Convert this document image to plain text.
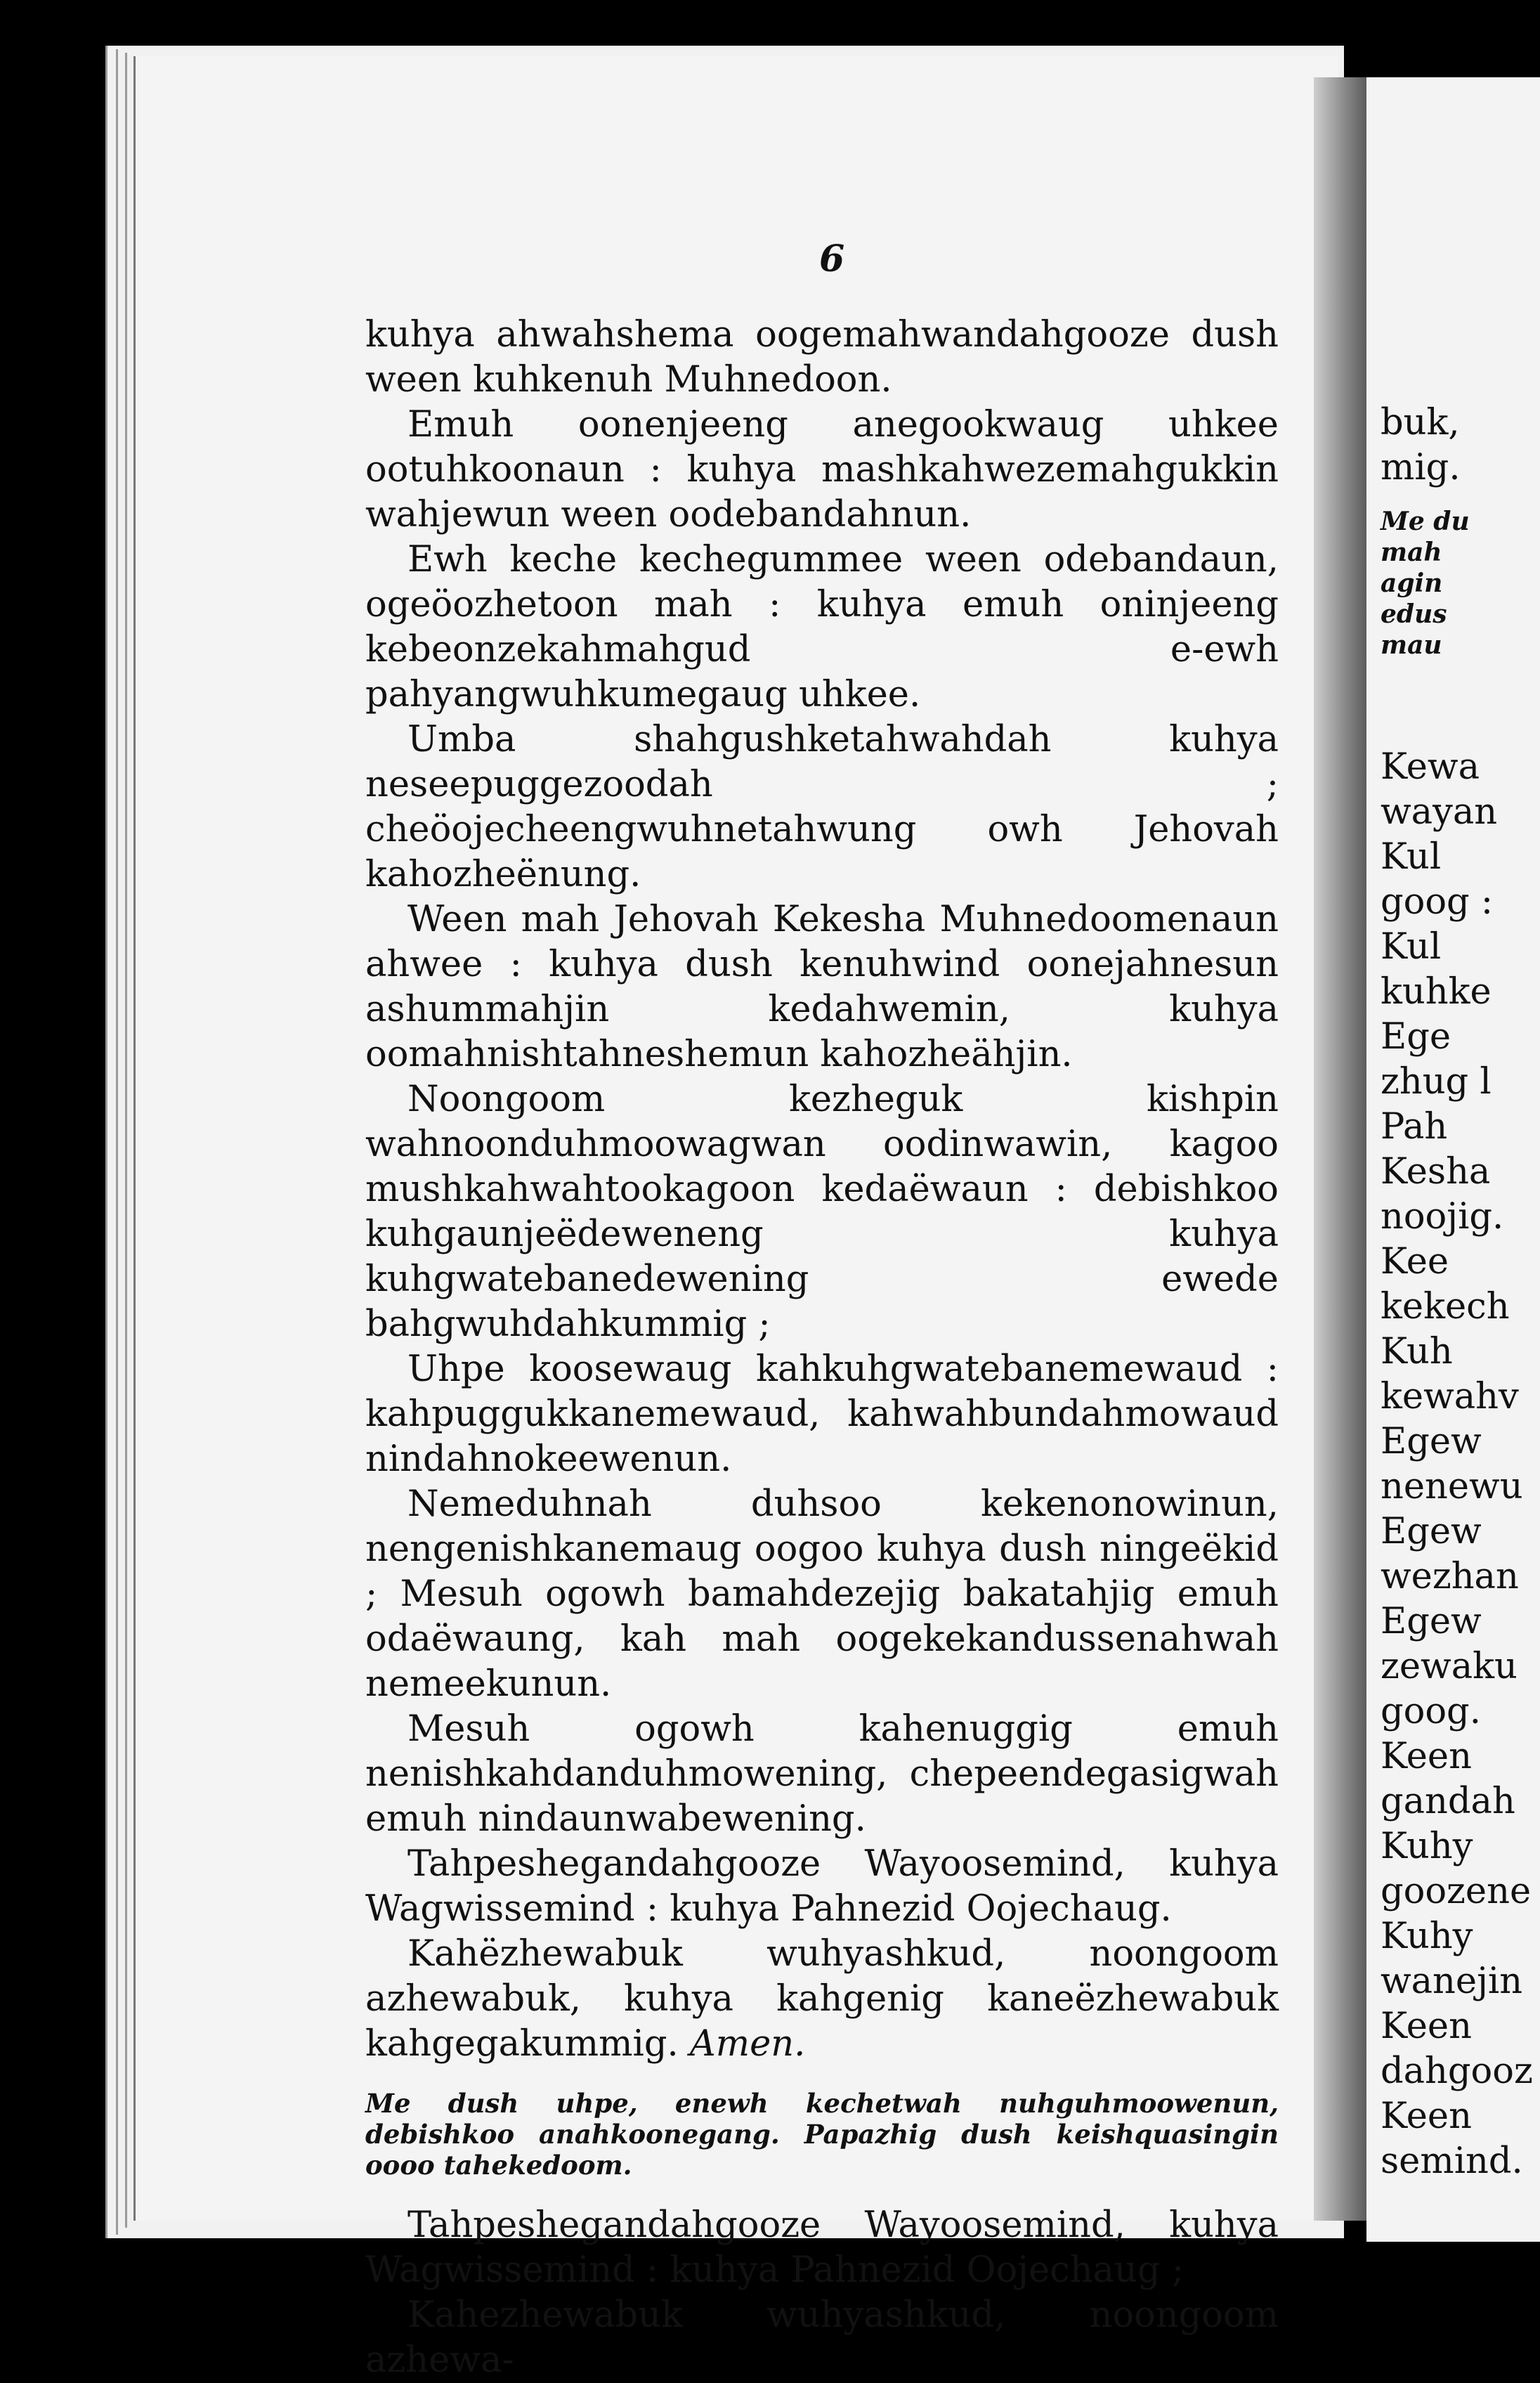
buk,
mig.
Me du
mah
agin
edus
mau
Kewa
wayan
Kul
goog :
Kul
kuhke
Ege
zhug l
Pah
Kesha
noojig.
Kee
kekech
Kuh
kewahv
Egew
nenewu
Egew
wezhan
Egew
zewaku
goog.
Keen
gandah
Kuhy
goozene
Kuhy
wanejin
Keen
dahgooz
Keen
semind.
6

kuhya ahwahshema oogemahwandahgooze dush ween kuhkenuh Muhnedoon.

Emuh oonenjeeng anegookwaug uhkee ootuhkoonaun : kuhya mashkahwezemahgukkin wahjewun ween oodebandahnun.

Ewh keche kechegummee ween odebandaun, ogeöozhetoon mah : kuhya emuh oninjeeng kebeonzekahmahgud e-ewh pahyangwuhkumegaug uhkee.

Umba shahgushketahwahdah kuhya neseepuggezoodah ; cheöojecheengwuhnetahwung owh Jehovah kahozheënung.

Ween mah Jehovah Kekesha Muhnedoomenaun ahwee : kuhya dush kenuhwind oonejahnesun ashummahjin kedahwemin, kuhya oomahnishtahneshemun kahozheähjin.

Noongoom kezheguk kishpin wahnoonduhmoowagwan oodinwawin, kagoo mushkahwahtookagoon kedaëwaun : debishkoo kuhgaunjeëdeweneng kuhya kuhgwatebanedewening ewede bahgwuhdahkummig ;

Uhpe koosewaug kahkuhgwatebanemewaud : kahpuggukkanemewaud, kahwahbundahmowaud nindahnokeewenun.

Nemeduhnah duhsoo kekenonowinun, nengenishkanemaug oogoo kuhya dush ningeëkid ; Mesuh ogowh bamahdezejig bakatahjig emuh odaëwaung, kah mah oogekekandussenahwah nemeekunun.

Mesuh ogowh kahenuggig emuh nenishkahdanduhmowening, chepeendegasigwah emuh nindaunwabewening.

Tahpeshegandahgooze Wayoosemind, kuhya Wagwissemind : kuhya Pahnezid Oojechaug.

Kahëzhewabuk wuhyashkud, noongoom azhewabuk, kuhya kahgenig kaneëzhewabuk kahgegakummig. Amen.

Me dush uhpe, enewh kechetwah nuhguhmoowenun, debishkoo anahkoonegang. Papazhig dush keishquasingin oooo tahekedoom.

Tahpeshegandahgooze Wayoosemind, kuhya Wagwissemind : kuhya Pahnezid Oojechaug ;

Kahezhewabuk wuhyashkud, noongoom azhewa-
